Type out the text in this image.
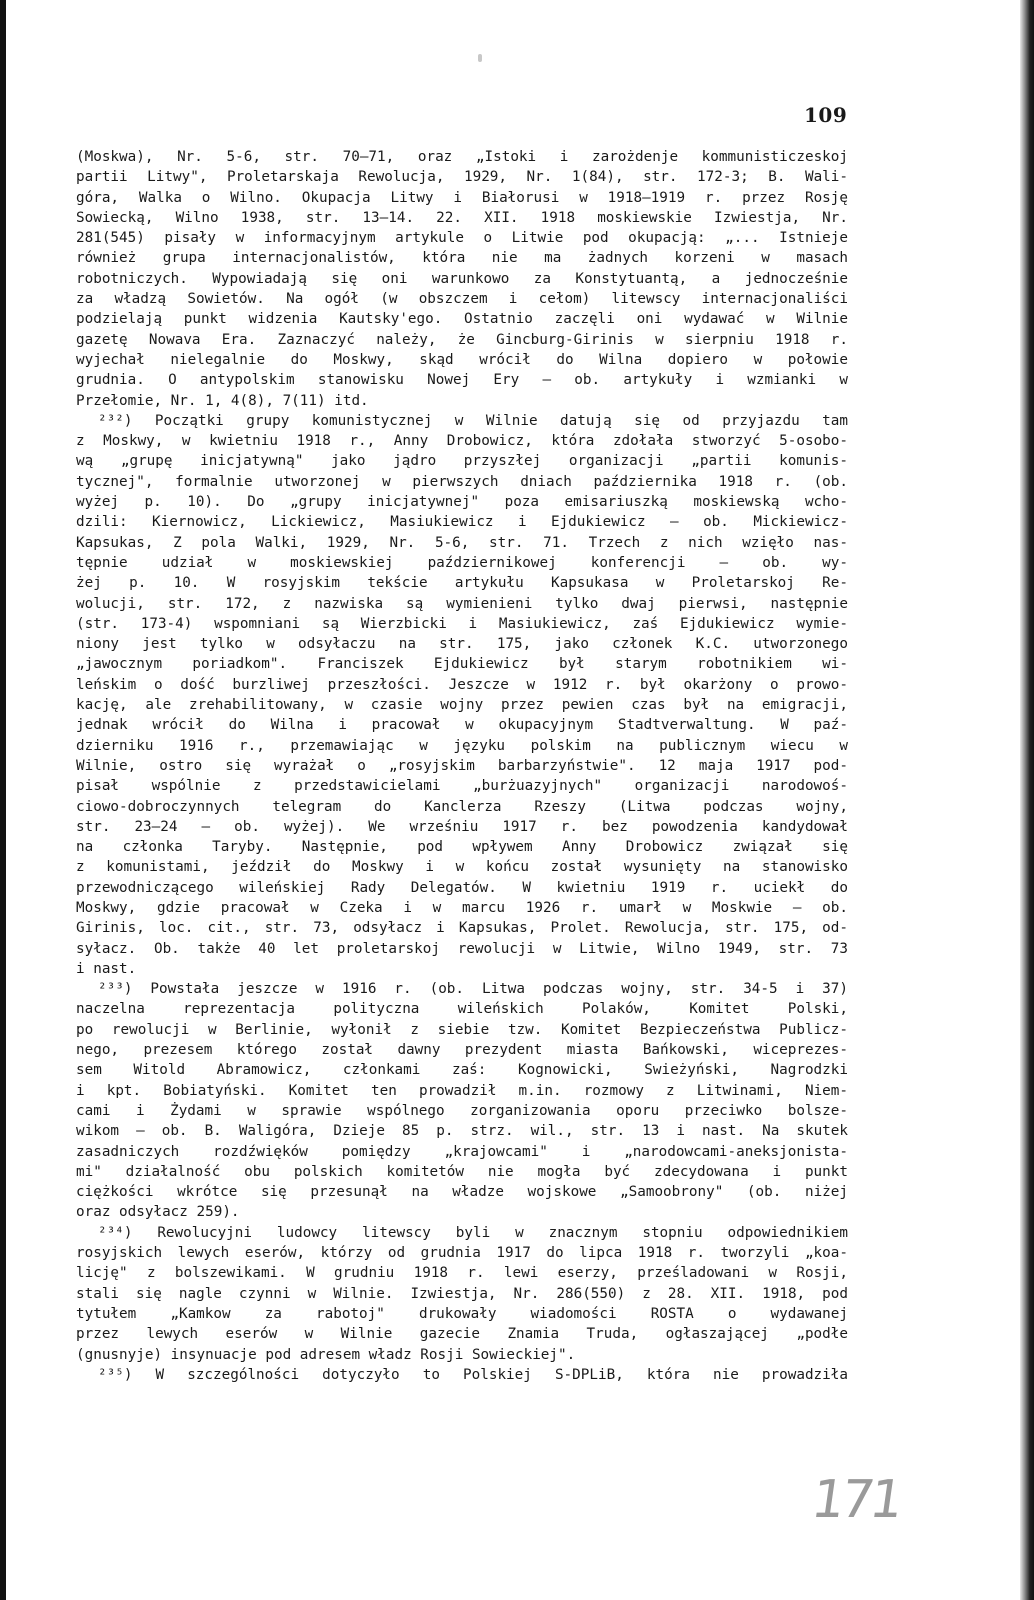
109
(Moskwa), Nr. 5-6, str. 70—71, oraz „Istoki i zarożdenje kommunisticzeskoj
partii Litwy", Proletarskaja Rewolucja, 1929, Nr. 1(84), str. 172-3; B. Wali-
góra, Walka o Wilno. Okupacja Litwy i Białorusi w 1918—1919 r. przez Rosję
Sowiecką, Wilno 1938, str. 13—14. 22. XII. 1918 moskiewskie Izwiestja, Nr.
281(545) pisały w informacyjnym artykule o Litwie pod okupacją: „... Istnieje
również grupa internacjonalistów, która nie ma żadnych korzeni w masach
robotniczych. Wypowiadają się oni warunkowo za Konstytuantą, a jednocześnie
za władzą Sowietów. Na ogół (w obszczem i cełom) litewscy internacjonaliści
podzielają punkt widzenia Kautsky'ego. Ostatnio zaczęli oni wydawać w Wilnie
gazetę Nowava Era. Zaznaczyć należy, że Gincburg-Girinis w sierpniu 1918 r.
wyjechał nielegalnie do Moskwy, skąd wrócił do Wilna dopiero w połowie
grudnia. O antypolskim stanowisku Nowej Ery — ob. artykuły i wzmianki w
Przełomie, Nr. 1, 4(8), 7(11) itd.
²³²) Początki grupy komunistycznej w Wilnie datują się od przyjazdu tam
z Moskwy, w kwietniu 1918 r., Anny Drobowicz, która zdołała stworzyć 5-osobo-
wą „grupę inicjatywną" jako jądro przyszłej organizacji „partii komunis-
tycznej", formalnie utworzonej w pierwszych dniach października 1918 r. (ob.
wyżej p. 10). Do „grupy inicjatywnej" poza emisariuszką moskiewską wcho-
dzili: Kiernowicz, Lickiewicz, Masiukiewicz i Ejdukiewicz — ob. Mickiewicz-
Kapsukas, Z pola Walki, 1929, Nr. 5-6, str. 71. Trzech z nich wzięło nas-
tępnie udział w moskiewskiej październikowej konferencji — ob. wy-
żej p. 10. W rosyjskim tekście artykułu Kapsukasa w Proletarskoj Re-
wolucji, str. 172, z nazwiska są wymienieni tylko dwaj pierwsi, następnie
(str. 173-4) wspomniani są Wierzbicki i Masiukiewicz, zaś Ejdukiewicz wymie-
niony jest tylko w odsyłaczu na str. 175, jako członek K.C. utworzonego
„jawocznym poriadkom". Franciszek Ejdukiewicz był starym robotnikiem wi-
leńskim o dość burzliwej przeszłości. Jeszcze w 1912 r. był okarżony o prowo-
kację, ale zrehabilitowany, w czasie wojny przez pewien czas był na emigracji,
jednak wrócił do Wilna i pracował w okupacyjnym Stadtverwaltung. W paź-
dzierniku 1916 r., przemawiając w języku polskim na publicznym wiecu w
Wilnie, ostro się wyrażał o „rosyjskim barbarzyństwie". 12 maja 1917 pod-
pisał wspólnie z przedstawicielami „burżuazyjnych" organizacji narodowoś-
ciowo-dobroczynnych telegram do Kanclerza Rzeszy (Litwa podczas wojny,
str. 23—24 — ob. wyżej). We wrześniu 1917 r. bez powodzenia kandydował
na członka Taryby. Następnie, pod wpływem Anny Drobowicz związał się
z komunistami, jeździł do Moskwy i w końcu został wysunięty na stanowisko
przewodniczącego wileńskiej Rady Delegatów. W kwietniu 1919 r. uciekł do
Moskwy, gdzie pracował w Czeka i w marcu 1926 r. umarł w Moskwie — ob.
Girinis, loc. cit., str. 73, odsyłacz i Kapsukas, Prolet. Rewolucja, str. 175, od-
syłacz. Ob. także 40 let proletarskoj rewolucji w Litwie, Wilno 1949, str. 73
i nast.
²³³) Powstała jeszcze w 1916 r. (ob. Litwa podczas wojny, str. 34-5 i 37)
naczelna reprezentacja polityczna wileńskich Polaków, Komitet Polski,
po rewolucji w Berlinie, wyłonił z siebie tzw. Komitet Bezpieczeństwa Publicz-
nego, prezesem którego został dawny prezydent miasta Bańkowski, wiceprezes-
sem Witold Abramowicz, członkami zaś: Kognowicki, Swieżyński, Nagrodzki
i kpt. Bobiatyński. Komitet ten prowadził m.in. rozmowy z Litwinami, Niem-
cami i Żydami w sprawie wspólnego zorganizowania oporu przeciwko bolsze-
wikom — ob. B. Waligóra, Dzieje 85 p. strz. wil., str. 13 i nast. Na skutek
zasadniczych rozdźwięków pomiędzy „krajowcami" i „narodowcami-aneksjonista-
mi" działalność obu polskich komitetów nie mogła być zdecydowana i punkt
ciężkości wkrótce się przesunął na władze wojskowe „Samoobrony" (ob. niżej
oraz odsyłacz 259).
²³⁴) Rewolucyjni ludowcy litewscy byli w znacznym stopniu odpowiednikiem
rosyjskich lewych eserów, którzy od grudnia 1917 do lipca 1918 r. tworzyli „koa-
licję" z bolszewikami. W grudniu 1918 r. lewi eserzy, prześladowani w Rosji,
stali się nagle czynni w Wilnie. Izwiestja, Nr. 286(550) z 28. XII. 1918, pod
tytułem „Kamkow za rabotoj" drukowały wiadomości ROSTA o wydawanej
przez lewych eserów w Wilnie gazecie Znamia Truda, ogłaszającej „podłe
(gnusnyje) insynuacje pod adresem władz Rosji Sowieckiej".
²³⁵) W szczególności dotyczyło to Polskiej S-DPLiB, która nie prowadziła
171
